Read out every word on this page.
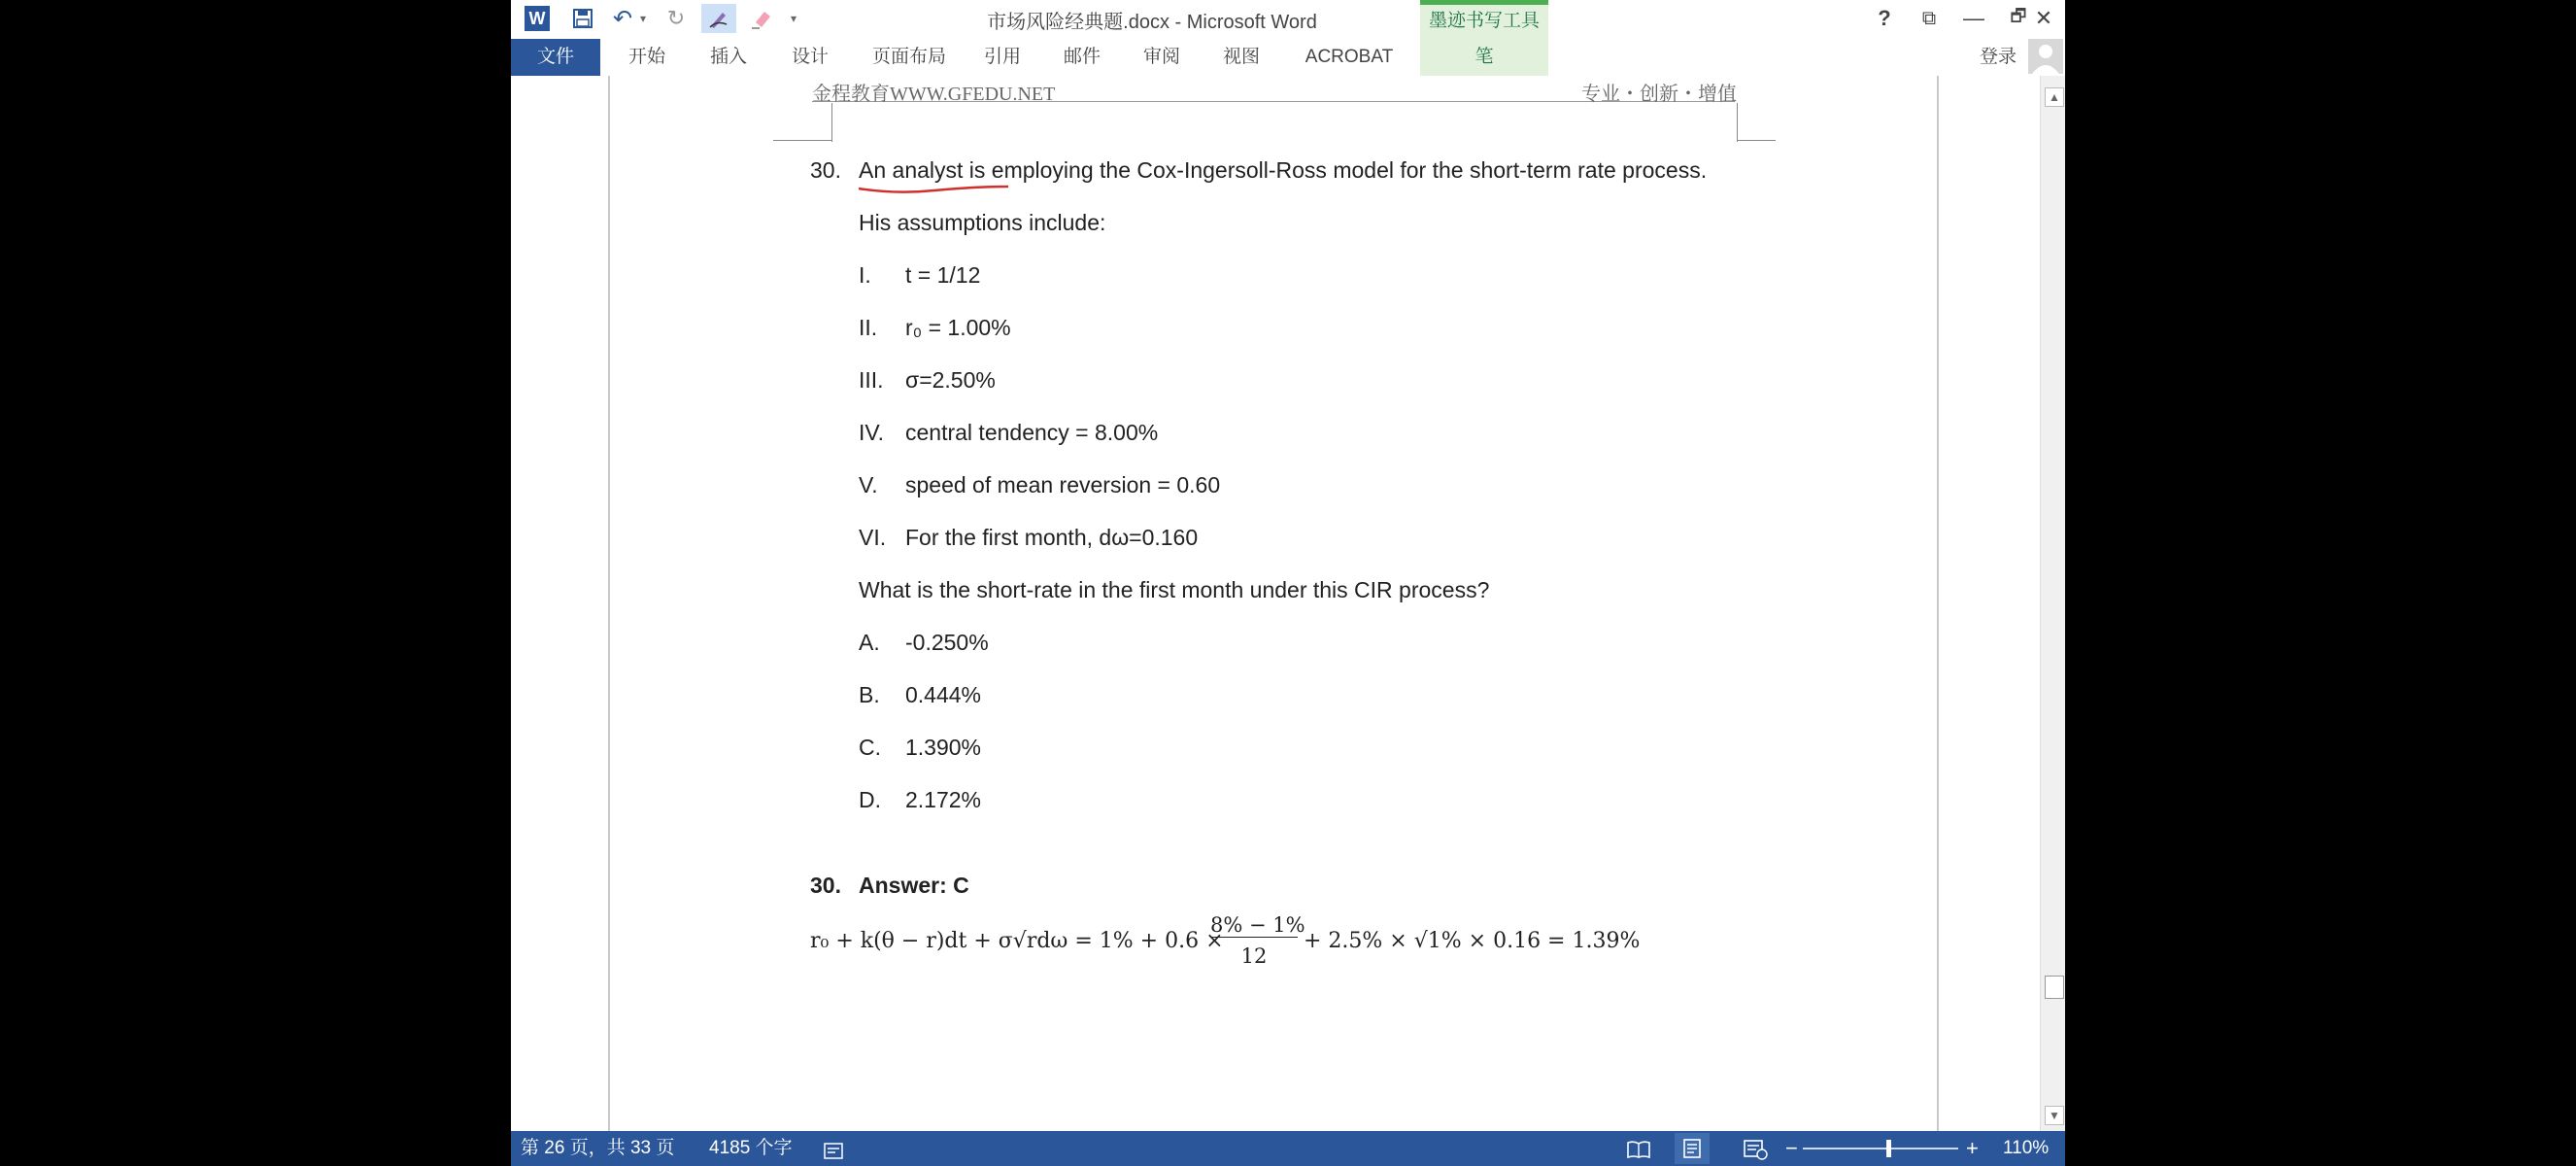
W	↶ ▾ ↻	▾	市场风险经典题.docx - Microsoft Word	墨迹书写工具	?	⧉	—	🗗 ✕
文件	开始	插入	设计	页面布局	引用	邮件	审阅	视图	ACROBAT	笔	登录
金程教育WWW.GFEDU.NET	专业・创新・增值
30. An analyst is employing the Cox-Ingersoll-Ross model for the short-term rate process.
His assumptions include:
I. t = 1/12
II. r₀ = 1.00%
III. σ=2.50%
IV. central tendency = 8.00%
V. speed of mean reversion = 0.60
VI. For the first month, dω=0.160
What is the short-rate in the first month under this CIR process?
A. -0.250%
B. 0.444%
C. 1.390%
D. 2.172%
30. Answer: C
r₀ + k(θ − r)dt + σ√rdω = 1% + 0.6 ×
8% − 1%
12
+ 2.5% × √1% × 0.16 = 1.39%
▲
▼
第 26 页，共 33 页 4185 个字	−	+ 110%
